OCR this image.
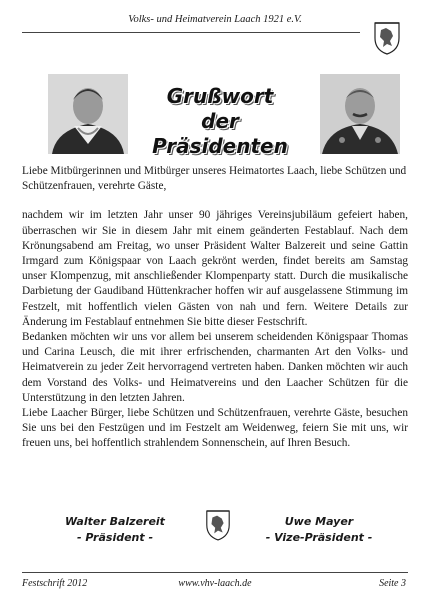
Volks- und Heimatverein Laach 1921 e.V.
Grußwort
der Präsidenten

Liebe Mitbürgerinnen und Mitbürger unseres Heimatortes Laach, liebe Schützen und Schützenfrauen, verehrte Gäste,

nachdem wir im letzten Jahr unser 90 jähriges Vereinsjubiläum gefeiert haben, überraschen wir Sie in diesem Jahr mit einem geänderten Festablauf. Nach dem Krönungsabend am Freitag, wo unser Präsident Walter Balzereit und seine Gattin Irmgard zum Königspaar von Laach gekrönt werden, findet bereits am Samstag unser Klompenzug, mit anschließender Klompenparty statt. Durch die musikalische Darbietung der Gaudiband Hüttenkracher hoffen wir auf ausgelassene Stimmung im Festzelt, mit hoffentlich vielen Gästen von nah und fern. Weitere Details zur Änderung im Festablauf entnehmen Sie bitte dieser Festschrift.

Bedanken möchten wir uns vor allem bei unserem scheidenden Königspaar Thomas und Carina Leusch, die mit ihrer erfrischenden, charmanten Art den Volks- und Heimatverein zu jeder Zeit hervorragend vertreten haben. Danken möchten wir auch dem Vorstand des Volks- und Heimatvereins und den Laacher Schützen für die Unterstützung in den letzten Jahren.

Liebe Laacher Bürger, liebe Schützen und Schützenfrauen, verehrte Gäste, besuchen Sie uns bei den Festzügen und im Festzelt am Weidenweg, feiern Sie mit uns, wir freuen uns, bei hoffentlich strahlendem Sonnenschein, auf Ihren Besuch.

Walter Balzereit
- Präsident -
Uwe Mayer
- Vize-Präsident -
Festschrift 2012	www.vhv-laach.de	Seite 3
